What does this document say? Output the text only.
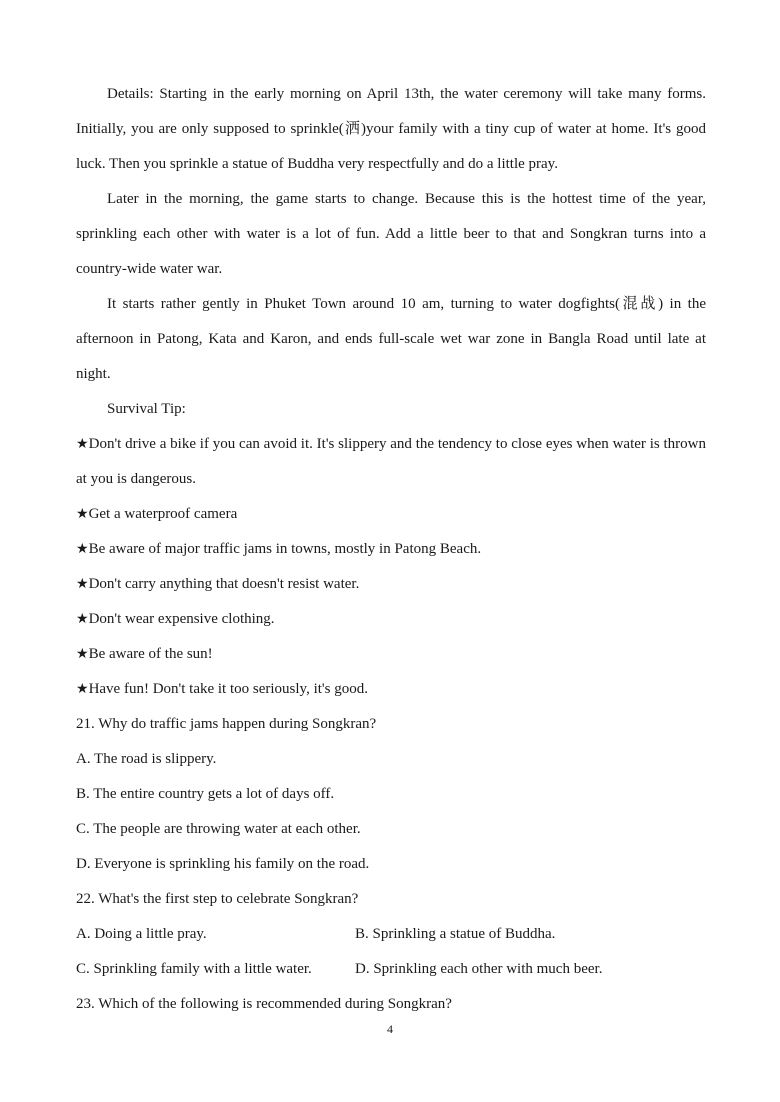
Details: Starting in the early morning on April 13th, the water ceremony will take many forms. Initially, you are only supposed to sprinkle(洒)your family with a tiny cup of water at home. It's good luck. Then you sprinkle a statue of Buddha very respectfully and do a little pray.

Later in the morning, the game starts to change. Because this is the hottest time of the year, sprinkling each other with water is a lot of fun. Add a little beer to that and Songkran turns into a country-wide water war.

It starts rather gently in Phuket Town around 10 am, turning to water dogfights(混战) in the afternoon in Patong, Kata and Karon, and ends full-scale wet war zone in Bangla Road until late at night.

Survival Tip:

★Don't drive a bike if you can avoid it. It's slippery and the tendency to close eyes when water is thrown at you is dangerous.

★Get a waterproof camera

★Be aware of major traffic jams in towns, mostly in Patong Beach.

★Don't carry anything that doesn't resist water.

★Don't wear expensive clothing.

★Be aware of the sun!

★Have fun! Don't take it too seriously, it's good.

21. Why do traffic jams happen during Songkran?

A. The road is slippery.

B. The entire country gets a lot of days off.

C. The people are throwing water at each other.

D. Everyone is sprinkling his family on the road.

22. What's the first step to celebrate Songkran?

A. Doing a little pray.	B. Sprinkling a statue of Buddha.
C. Sprinkling family with a little water.	D. Sprinkling each other with much beer.

23. Which of the following is recommended during Songkran?

4
